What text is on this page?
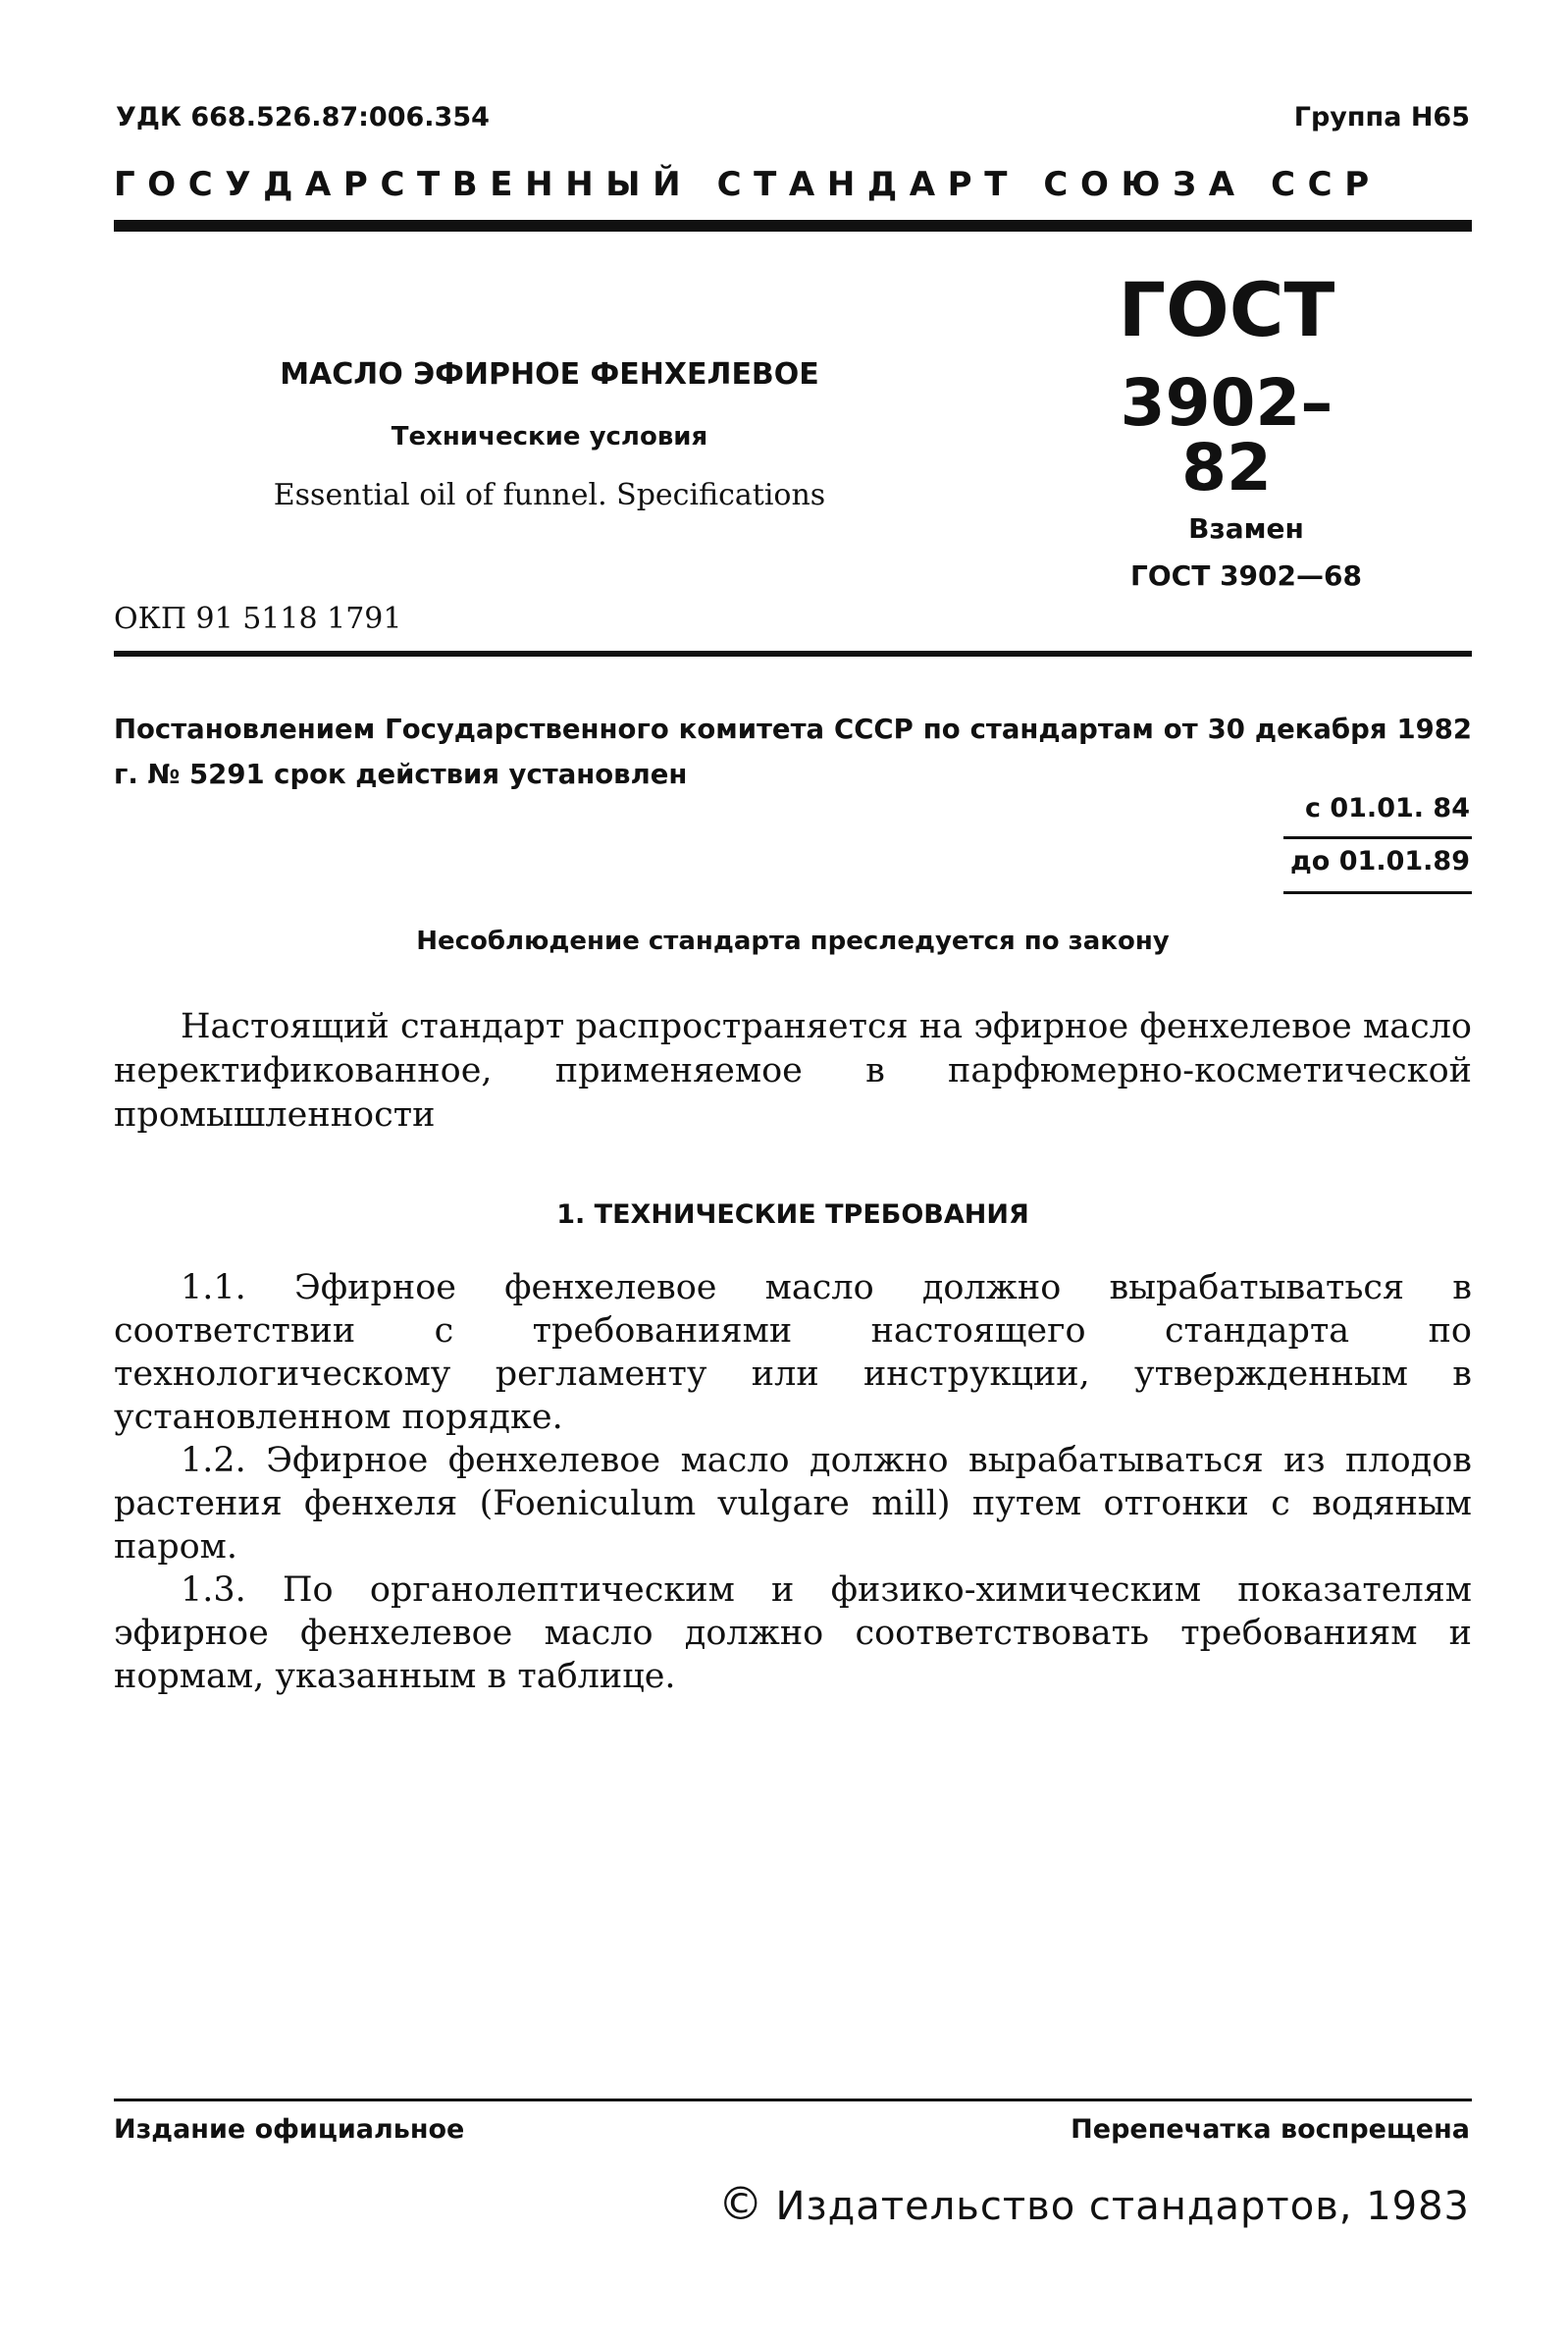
УДК 668.526.87:006.354	Группа Н65
ГОСУДАРСТВЕННЫЙ СТАНДАРТ СОЮЗА ССР
МАСЛО ЭФИРНОЕ ФЕНХЕЛЕВОЕ
Технические условия
Essential oil of funnel. Specifications
ОКП 91 5118 1791
ГОСТ
3902–82
Взамен
ГОСТ 3902—68
Постановлением Государственного комитета СССР по стандартам от 30 декабря 1982 г. № 5291 срок действия установлен
с 01.01. 84
до 01.01.89
Несоблюдение стандарта преследуется по закону
Настоящий стандарт распространяется на эфирное фенхелевое масло неректификованное, применяемое в парфюмерно-косметической промышленности
1. ТЕХНИЧЕСКИЕ ТРЕБОВАНИЯ
1.1. Эфирное фенхелевое масло должно вырабатываться в соответствии с требованиями настоящего стандарта по технологическому регламенту или инструкции, утвержденным в установленном порядке.
1.2. Эфирное фенхелевое масло должно вырабатываться из плодов растения фенхеля (Foeniculum vulgare mill) путем отгонки с водяным паром.
1.3. По органолептическим и физико-химическим показателям эфирное фенхелевое масло должно соответствовать требованиям и нормам, указанным в таблице.
Издание официальное	Перепечатка воспрещена
© Издательство стандартов, 1983
